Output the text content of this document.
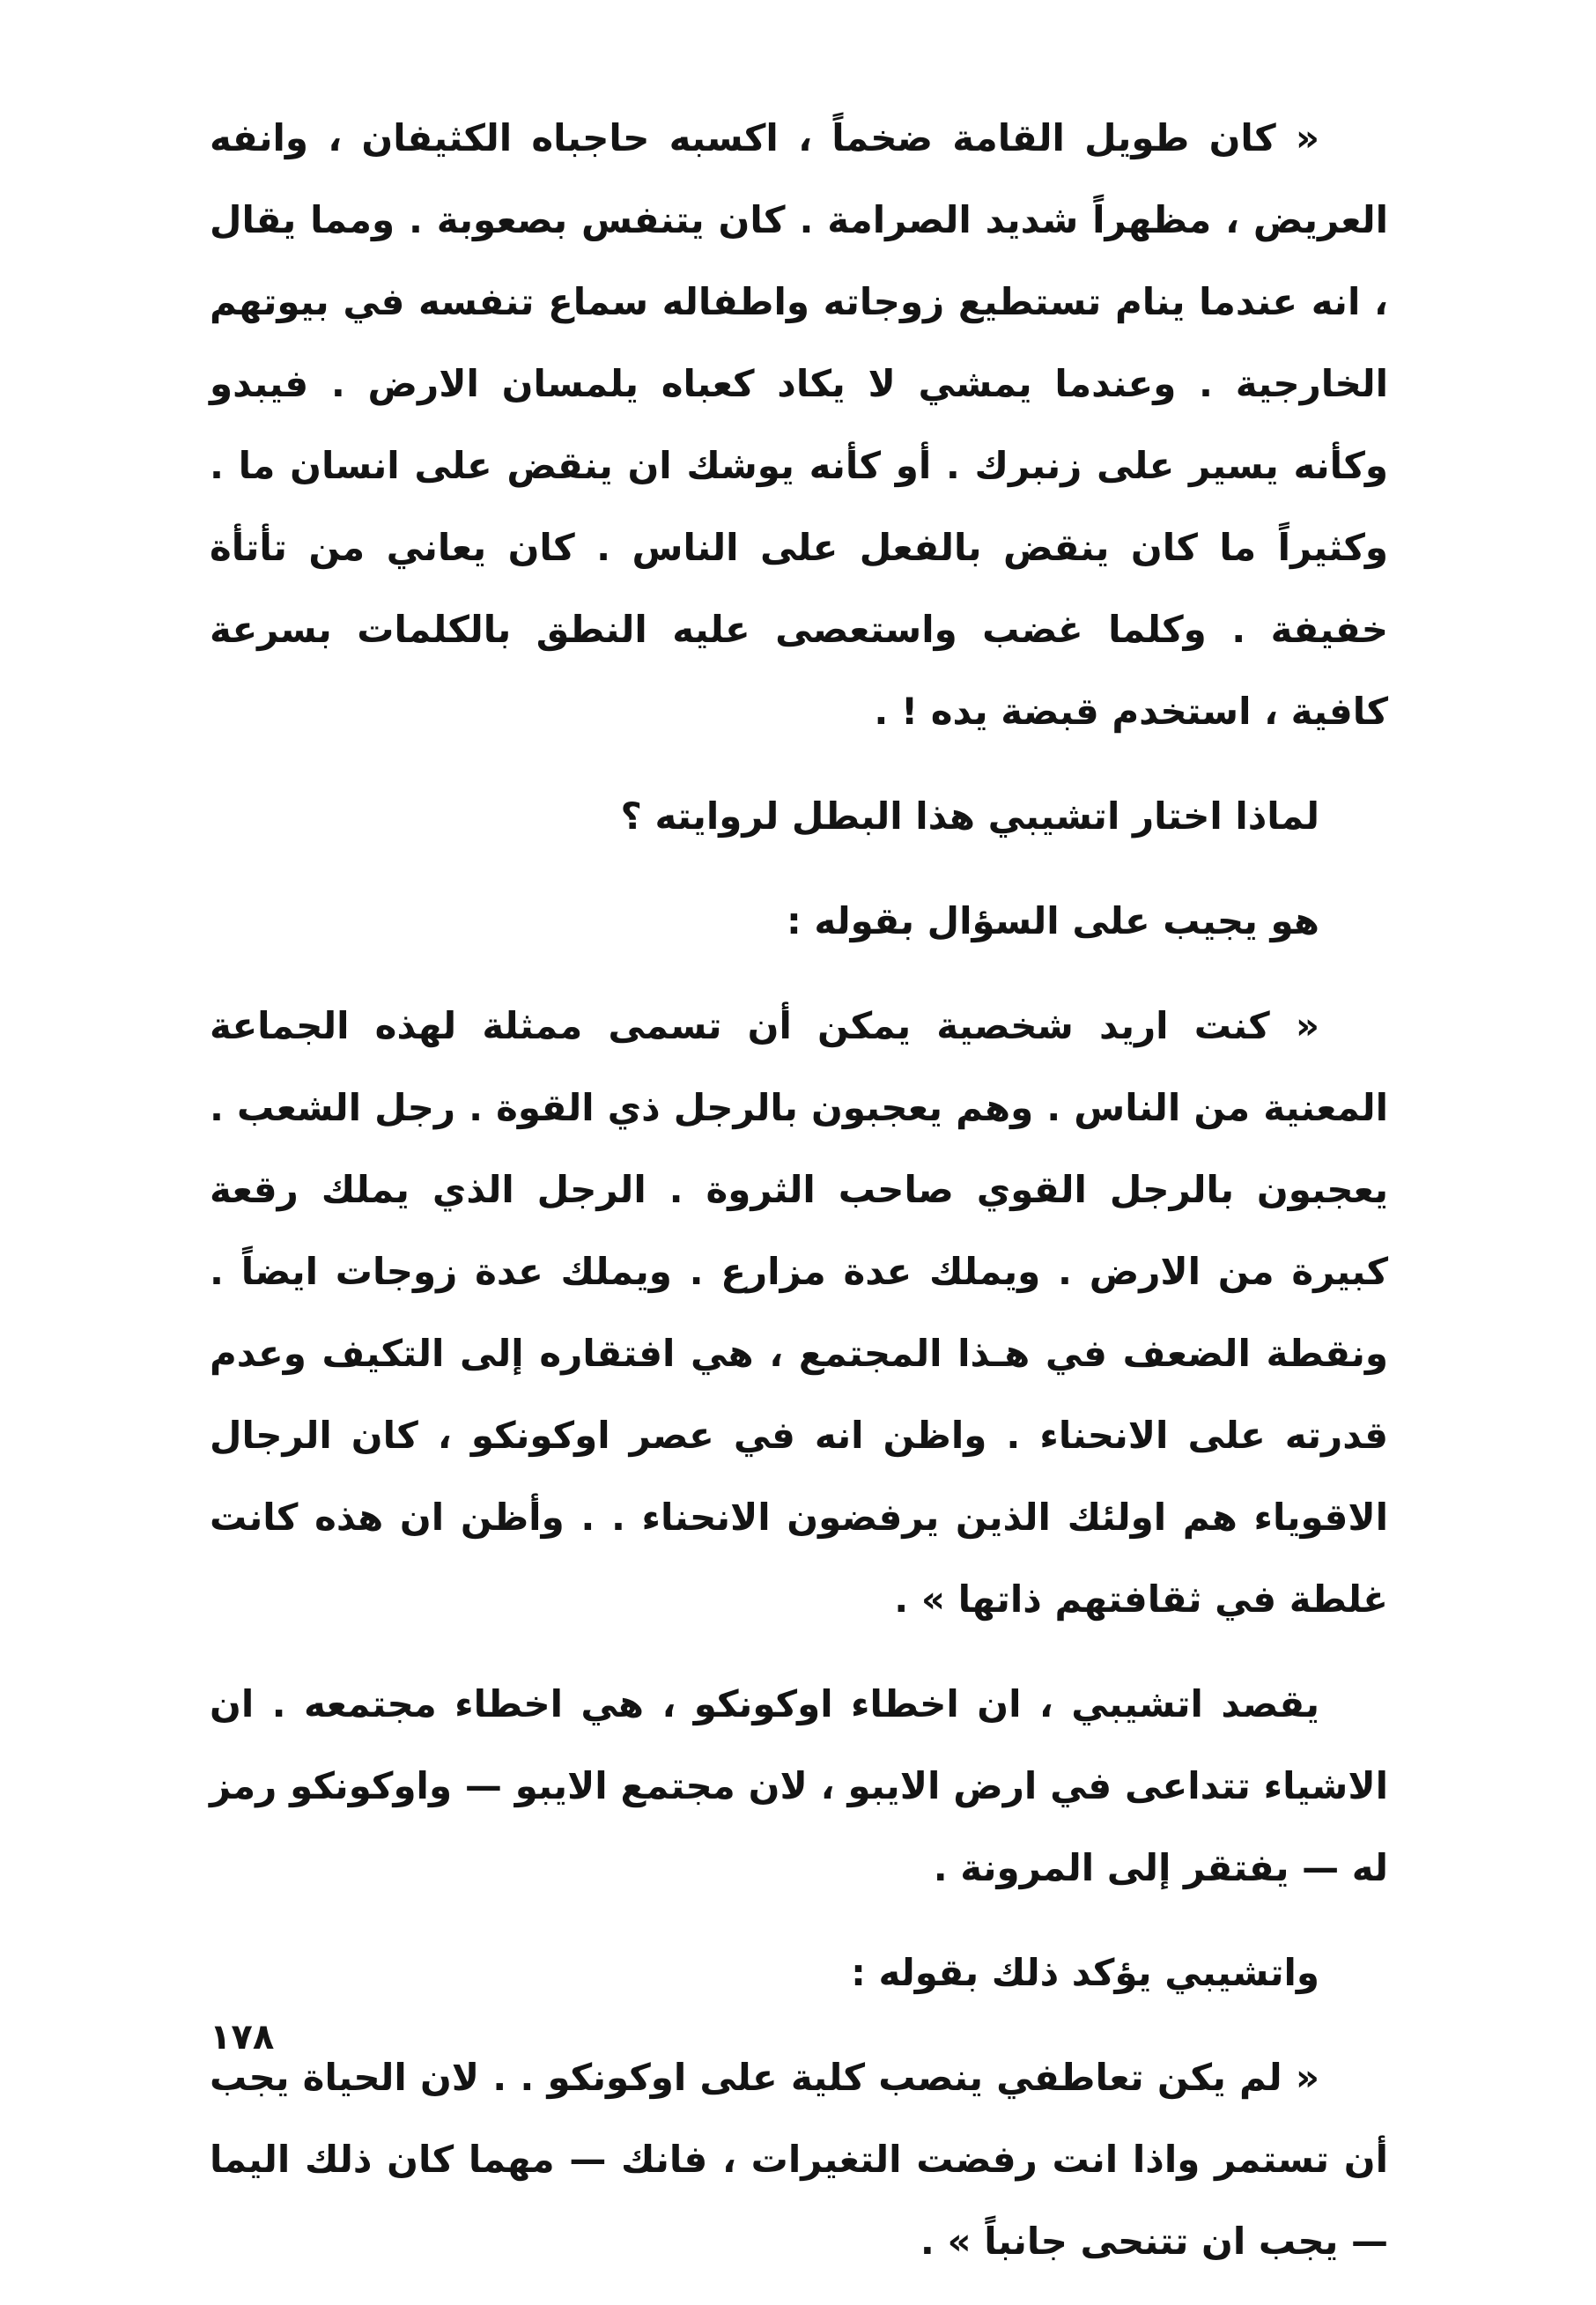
« كان طويل القامة ضخماً ، اكسبه حاجباه الكثيفان ، وانفه العريض ، مظهراً شديد الصرامة . كان يتنفس بصعوبة . ومما يقال ، انه عندما ينام تستطيع زوجاته واطفاله سماع تنفسه في بيوتهم الخارجية . وعندما يمشي لا يكاد كعباه يلمسان الارض . فيبدو وكأنه يسير على زنبرك . أو كأنه يوشك ان ينقض على انسان ما . وكثيراً ما كان ينقض بالفعل على الناس . كان يعاني من تأتأة خفيفة . وكلما غضب واستعصى عليه النطق بالكلمات بسرعة كافية ، استخدم قبضة يده ! .

لماذا اختار اتشيبي هذا البطل لروايته ؟

هو يجيب على السؤال بقوله :

« كنت اريد شخصية يمكن أن تسمى ممثلة لهذه الجماعة المعنية من الناس . وهم يعجبون بالرجل ذي القوة . رجل الشعب . يعجبون بالرجل القوي صاحب الثروة . الرجل الذي يملك رقعة كبيرة من الارض . ويملك عدة مزارع . ويملك عدة زوجات ايضاً . ونقطة الضعف في هـذا المجتمع ، هي افتقاره إلى التكيف وعدم قدرته على الانحناء . واظن انه في عصر اوكونكو ، كان الرجال الاقوياء هم اولئك الذين يرفضون الانحناء . . وأظن ان هذه كانت غلطة في ثقافتهم ذاتها » .

يقصد اتشيبي ، ان اخطاء اوكونكو ، هي اخطاء مجتمعه . ان الاشياء تتداعى في ارض الايبو ، لان مجتمع الايبو — واوكونكو رمز له — يفتقر إلى المرونة .

واتشيبي يؤكد ذلك بقوله :

« لم يكن تعاطفي ينصب كلية على اوكونكو . . لان الحياة يجب أن تستمر واذا انت رفضت التغيرات ، فانك — مهما كان ذلك اليما — يجب ان تتنحى جانباً » .

١٧٨
